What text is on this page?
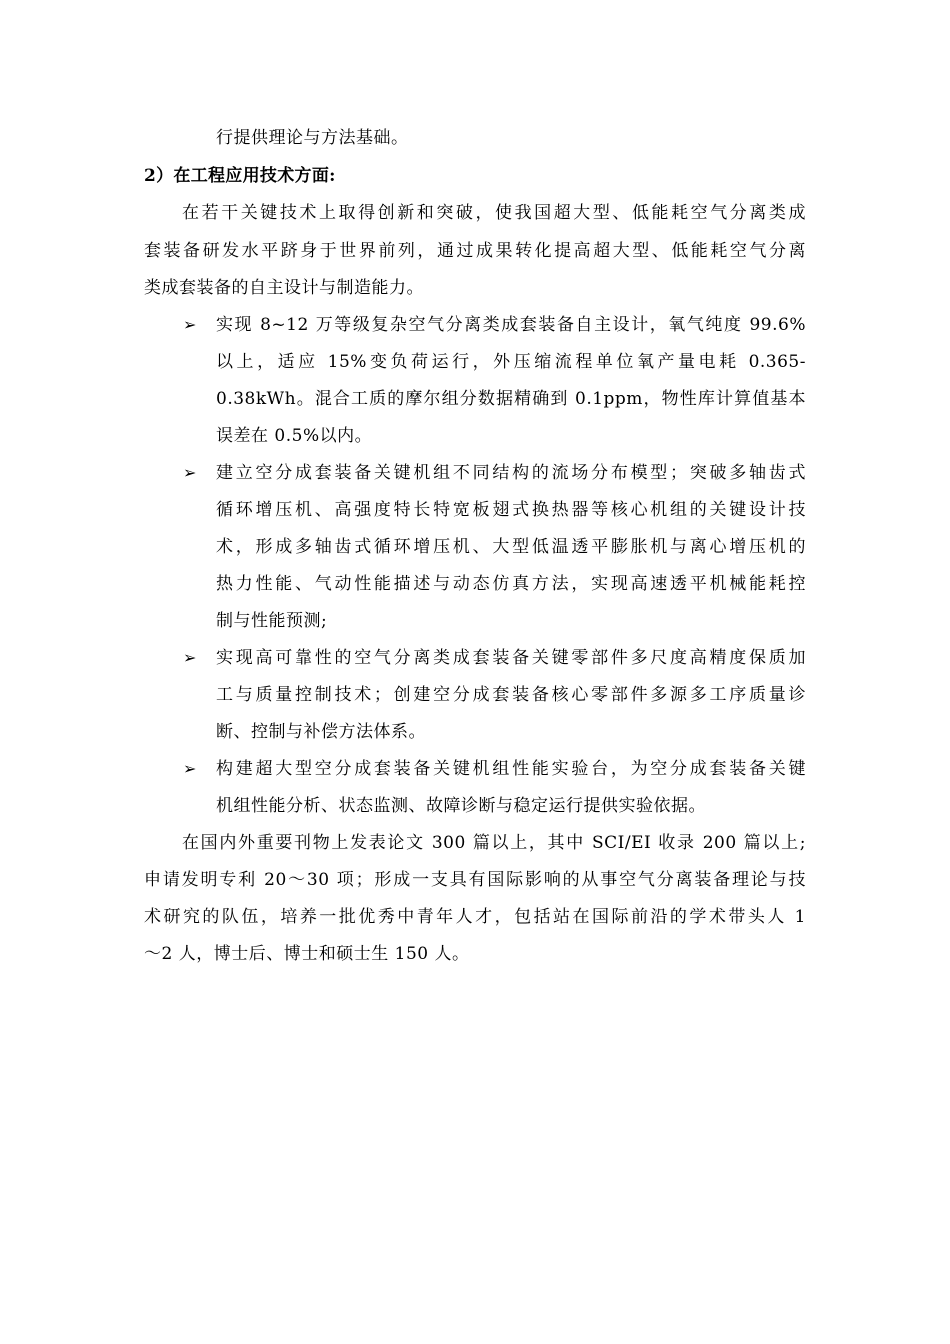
行提供理论与方法基础。
2）在工程应用技术方面:
在若干关键技术上取得创新和突破，使我国超大型、低能耗空气分离类成
套装备研发水平跻身于世界前列，通过成果转化提高超大型、低能耗空气分离
类成套装备的自主设计与制造能力。
➢ 实现 8~12 万等级复杂空气分离类成套装备自主设计，氧气纯度 99.6%
以上，适应 15%变负荷运行，外压缩流程单位氧产量电耗 0.365-
0.38kWh。混合工质的摩尔组分数据精确到 0.1ppm，物性库计算值基本
误差在 0.5%以内。
➢ 建立空分成套装备关键机组不同结构的流场分布模型；突破多轴齿式
循环增压机、高强度特长特宽板翅式换热器等核心机组的关键设计技
术，形成多轴齿式循环增压机、大型低温透平膨胀机与离心增压机的
热力性能、气动性能描述与动态仿真方法，实现高速透平机械能耗控
制与性能预测;
➢ 实现高可靠性的空气分离类成套装备关键零部件多尺度高精度保质加
工与质量控制技术；创建空分成套装备核心零部件多源多工序质量诊
断、控制与补偿方法体系。
➢ 构建超大型空分成套装备关键机组性能实验台，为空分成套装备关键
机组性能分析、状态监测、故障诊断与稳定运行提供实验依据。
在国内外重要刊物上发表论文 300 篇以上，其中 SCI/EI 收录 200 篇以上;
申请发明专利 20～30 项；形成一支具有国际影响的从事空气分离装备理论与技
术研究的队伍，培养一批优秀中青年人才，包括站在国际前沿的学术带头人 1
～2 人，博士后、博士和硕士生 150 人。
